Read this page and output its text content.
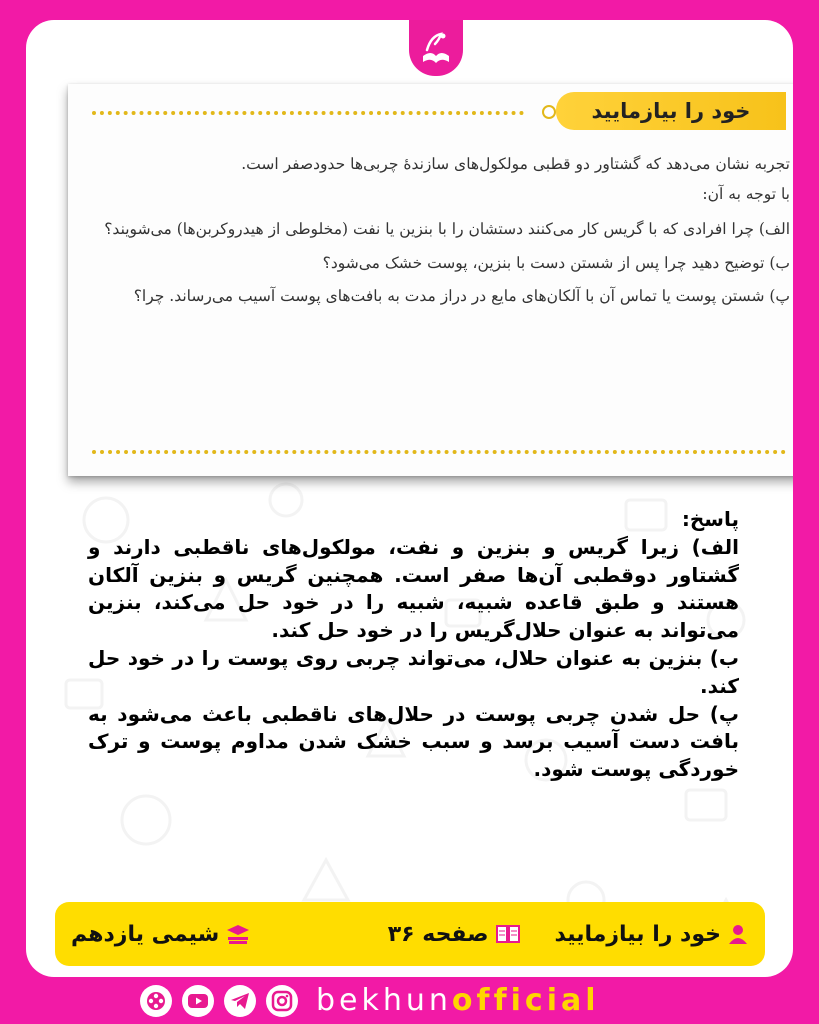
خود را بیازمایید

تجربه نشان می‌دهد که گشتاور دو قطبی مولکول‌های سازندهٔ چربی‌ها حدودصفر است.

با توجه به آن:

الف) چرا افرادی که با گریس کار می‌کنند دستشان را با بنزین یا نفت (مخلوطی از هیدروکربن‌ها) می‌شویند؟

ب) توضیح دهید چرا پس از شستن دست با بنزین، پوست خشک می‌شود؟

پ) شستن پوست یا تماس آن با آلکان‌های مایع در دراز مدت به بافت‌های پوست آسیب می‌رساند. چرا؟

پاسخ:

الف) زیرا گریس و بنزین و نفت، مولکول‌های ناقطبی دارند و گشتاور دوقطبی آن‌ها صفر است. همچنین گریس و بنزین آلکان هستند و طبق قاعده شبیه، شبیه را در خود حل می‌کند، بنزین می‌تواند به عنوان حلال‌گریس را در خود حل کند.

ب) بنزین به عنوان حلال، می‌تواند چربی روی پوست را در خود حل کند.

پ) حل شدن چربی پوست در حلال‌های ناقطبی باعث می‌شود به بافت دست آسیب برسد و سبب خشک شدن مداوم پوست و ترک خوردگی پوست شود.

خود را بیازمایید
صفحه ۳۶
شیمی یازدهم
bekhunofficial
